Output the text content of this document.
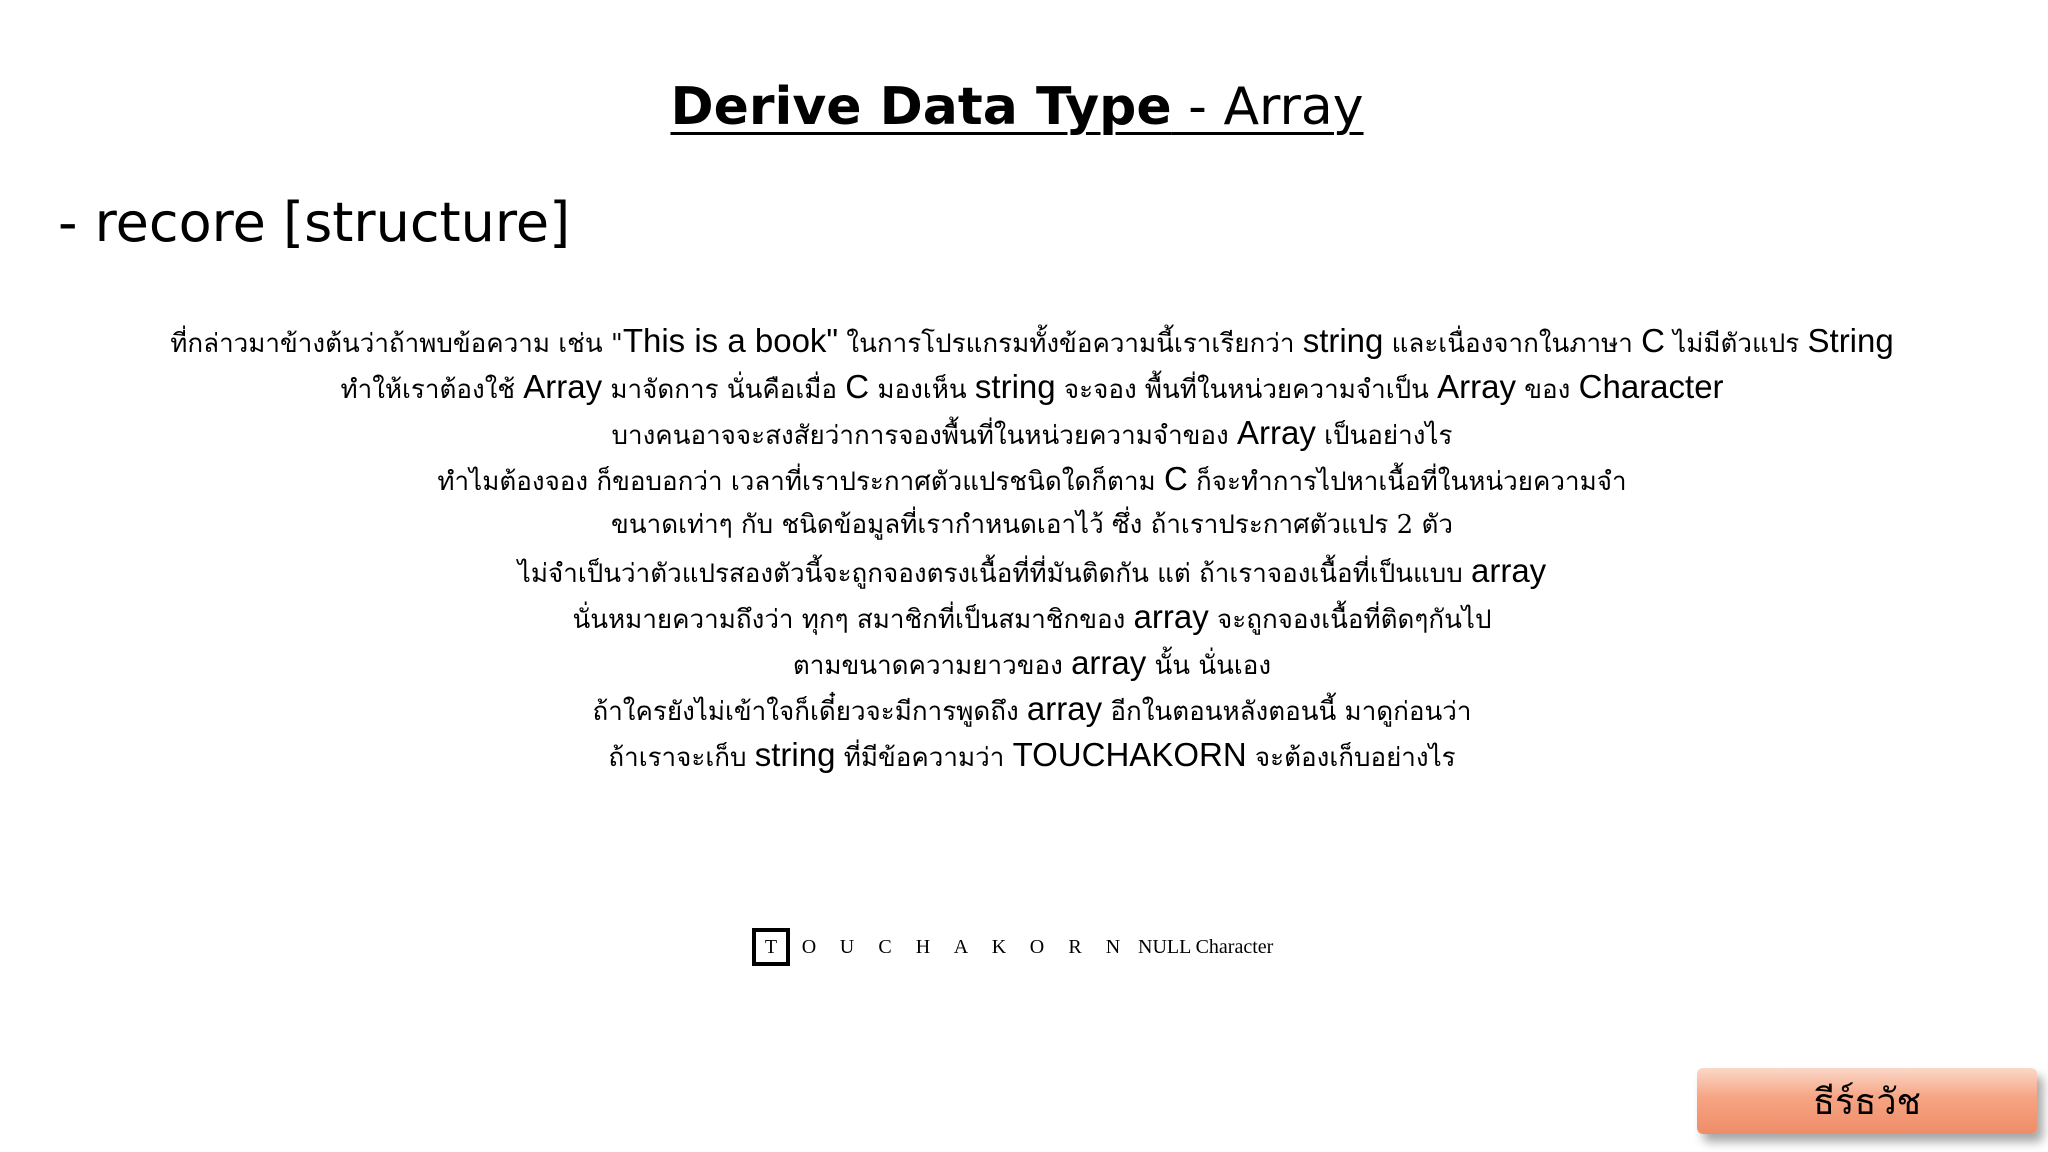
Derive Data Type - Array
- recore [structure]
ที่กล่าวมาข้างต้นว่าถ้าพบข้อความ เช่น "This is a book" ในการโปรแกรมทั้งข้อความนี้เราเรียกว่า string และเนื่องจากในภาษา C ไม่มีตัวแปร String
ทำให้เราต้องใช้ Array มาจัดการ นั่นคือเมื่อ C มองเห็น string จะจอง พื้นที่ในหน่วยความจำเป็น Array ของ Character
บางคนอาจจะสงสัยว่าการจองพื้นที่ในหน่วยความจำของ Array เป็นอย่างไร
ทำไมต้องจอง ก็ขอบอกว่า เวลาที่เราประกาศตัวแปรชนิดใดก็ตาม C ก็จะทำการไปหาเนื้อที่ในหน่วยความจำ
ขนาดเท่าๆ กับ ชนิดข้อมูลที่เรากำหนดเอาไว้ ซึ่ง ถ้าเราประกาศตัวแปร 2 ตัว
ไม่จำเป็นว่าตัวแปรสองตัวนี้จะถูกจองตรงเนื้อที่ที่มันติดกัน แต่ ถ้าเราจองเนื้อที่เป็นแบบ array
นั่นหมายความถึงว่า ทุกๆ สมาชิกที่เป็นสมาชิกของ array จะถูกจองเนื้อที่ติดๆกันไป
ตามขนาดความยาวของ array นั้น นั่นเอง
ถ้าใครยังไม่เข้าใจก็เดี๋ยวจะมีการพูดถึง array อีกในตอนหลังตอนนี้ มาดูก่อนว่า
ถ้าเราจะเก็บ string ที่มีข้อความว่า TOUCHAKORN จะต้องเก็บอย่างไร
T	O	U	C	H	A	K	O	R	N NULL Character
ธีร์ธวัช
